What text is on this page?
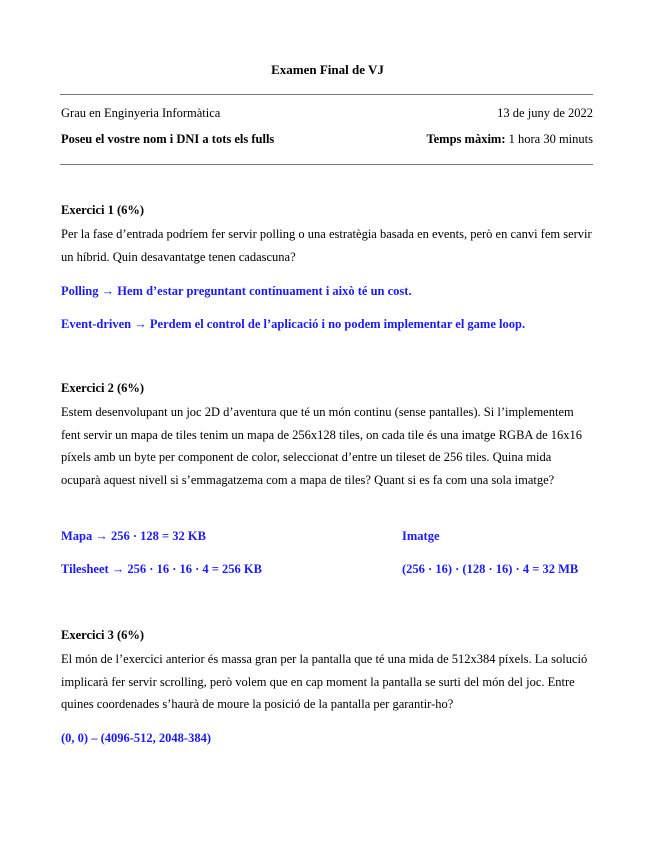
Examen Final de VJ
Grau en Enginyeria Informàtica	13 de juny de 2022
Poseu el vostre nom i DNI a tots els fulls	Temps màxim: 1 hora 30 minuts
Exercici 1 (6%)
Per la fase d’entrada podríem fer servir polling o una estratègia basada en events, però en canvi fem servir un híbrid. Quin desavantatge tenen cadascuna?
Polling → Hem d’estar preguntant contínuament i això té un cost.
Event-driven → Perdem el control de l’aplicació i no podem implementar el game loop.
Exercici 2 (6%)
Estem desenvolupant un joc 2D d’aventura que té un món continu (sense pantalles). Si l’implementem fent servir un mapa de tiles tenim un mapa de 256x128 tiles, on cada tile és una imatge RGBA de 16x16 píxels amb un byte per component de color, seleccionat d’entre un tileset de 256 tiles. Quina mida ocuparà aquest nivell si s’emmagatzema com a mapa de tiles? Quant si es fa com una sola imatge?
Mapa → 256 · 128 = 32 KB
Tilesheet → 256 · 16 · 16 · 4 = 256 KB
Imatge
(256 · 16) · (128 · 16) · 4 = 32 MB
Exercici 3 (6%)
El món de l’exercici anterior és massa gran per la pantalla que té una mida de 512x384 píxels. La solució implicarà fer servir scrolling, però volem que en cap moment la pantalla se surti del món del joc. Entre quines coordenades s’haurà de moure la posició de la pantalla per garantir-ho?
(0, 0) – (4096-512, 2048-384)
